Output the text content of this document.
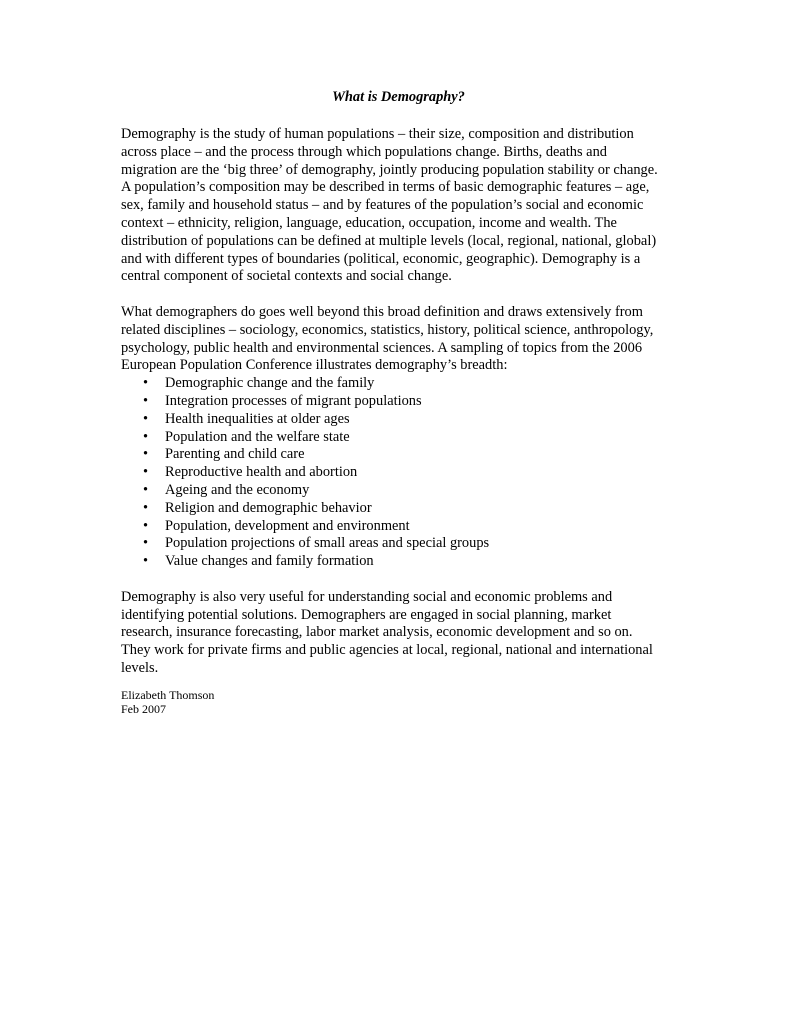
What is Demography?

Demography is the study of human populations – their size, composition and distribution
across place – and the process through which populations change. Births, deaths and
migration are the ‘big three’ of demography, jointly producing population stability or change.
A population’s composition may be described in terms of basic demographic features – age,
sex, family and household status – and by features of the population’s social and economic
context – ethnicity, religion, language, education, occupation, income and wealth. The
distribution of populations can be defined at multiple levels (local, regional, national, global)
and with different types of boundaries (political, economic, geographic). Demography is a
central component of societal contexts and social change.

What demographers do goes well beyond this broad definition and draws extensively from
related disciplines – sociology, economics, statistics, history, political science, anthropology,
psychology, public health and environmental sciences. A sampling of topics from the 2006
European Population Conference illustrates demography’s breadth:

• Demographic change and the family
• Integration processes of migrant populations
• Health inequalities at older ages
• Population and the welfare state
• Parenting and child care
• Reproductive health and abortion
• Ageing and the economy
• Religion and demographic behavior
• Population, development and environment
• Population projections of small areas and special groups
• Value changes and family formation

Demography is also very useful for understanding social and economic problems and
identifying potential solutions. Demographers are engaged in social planning, market
research, insurance forecasting, labor market analysis, economic development and so on.
They work for private firms and public agencies at local, regional, national and international
levels.

Elizabeth Thomson
Feb 2007
